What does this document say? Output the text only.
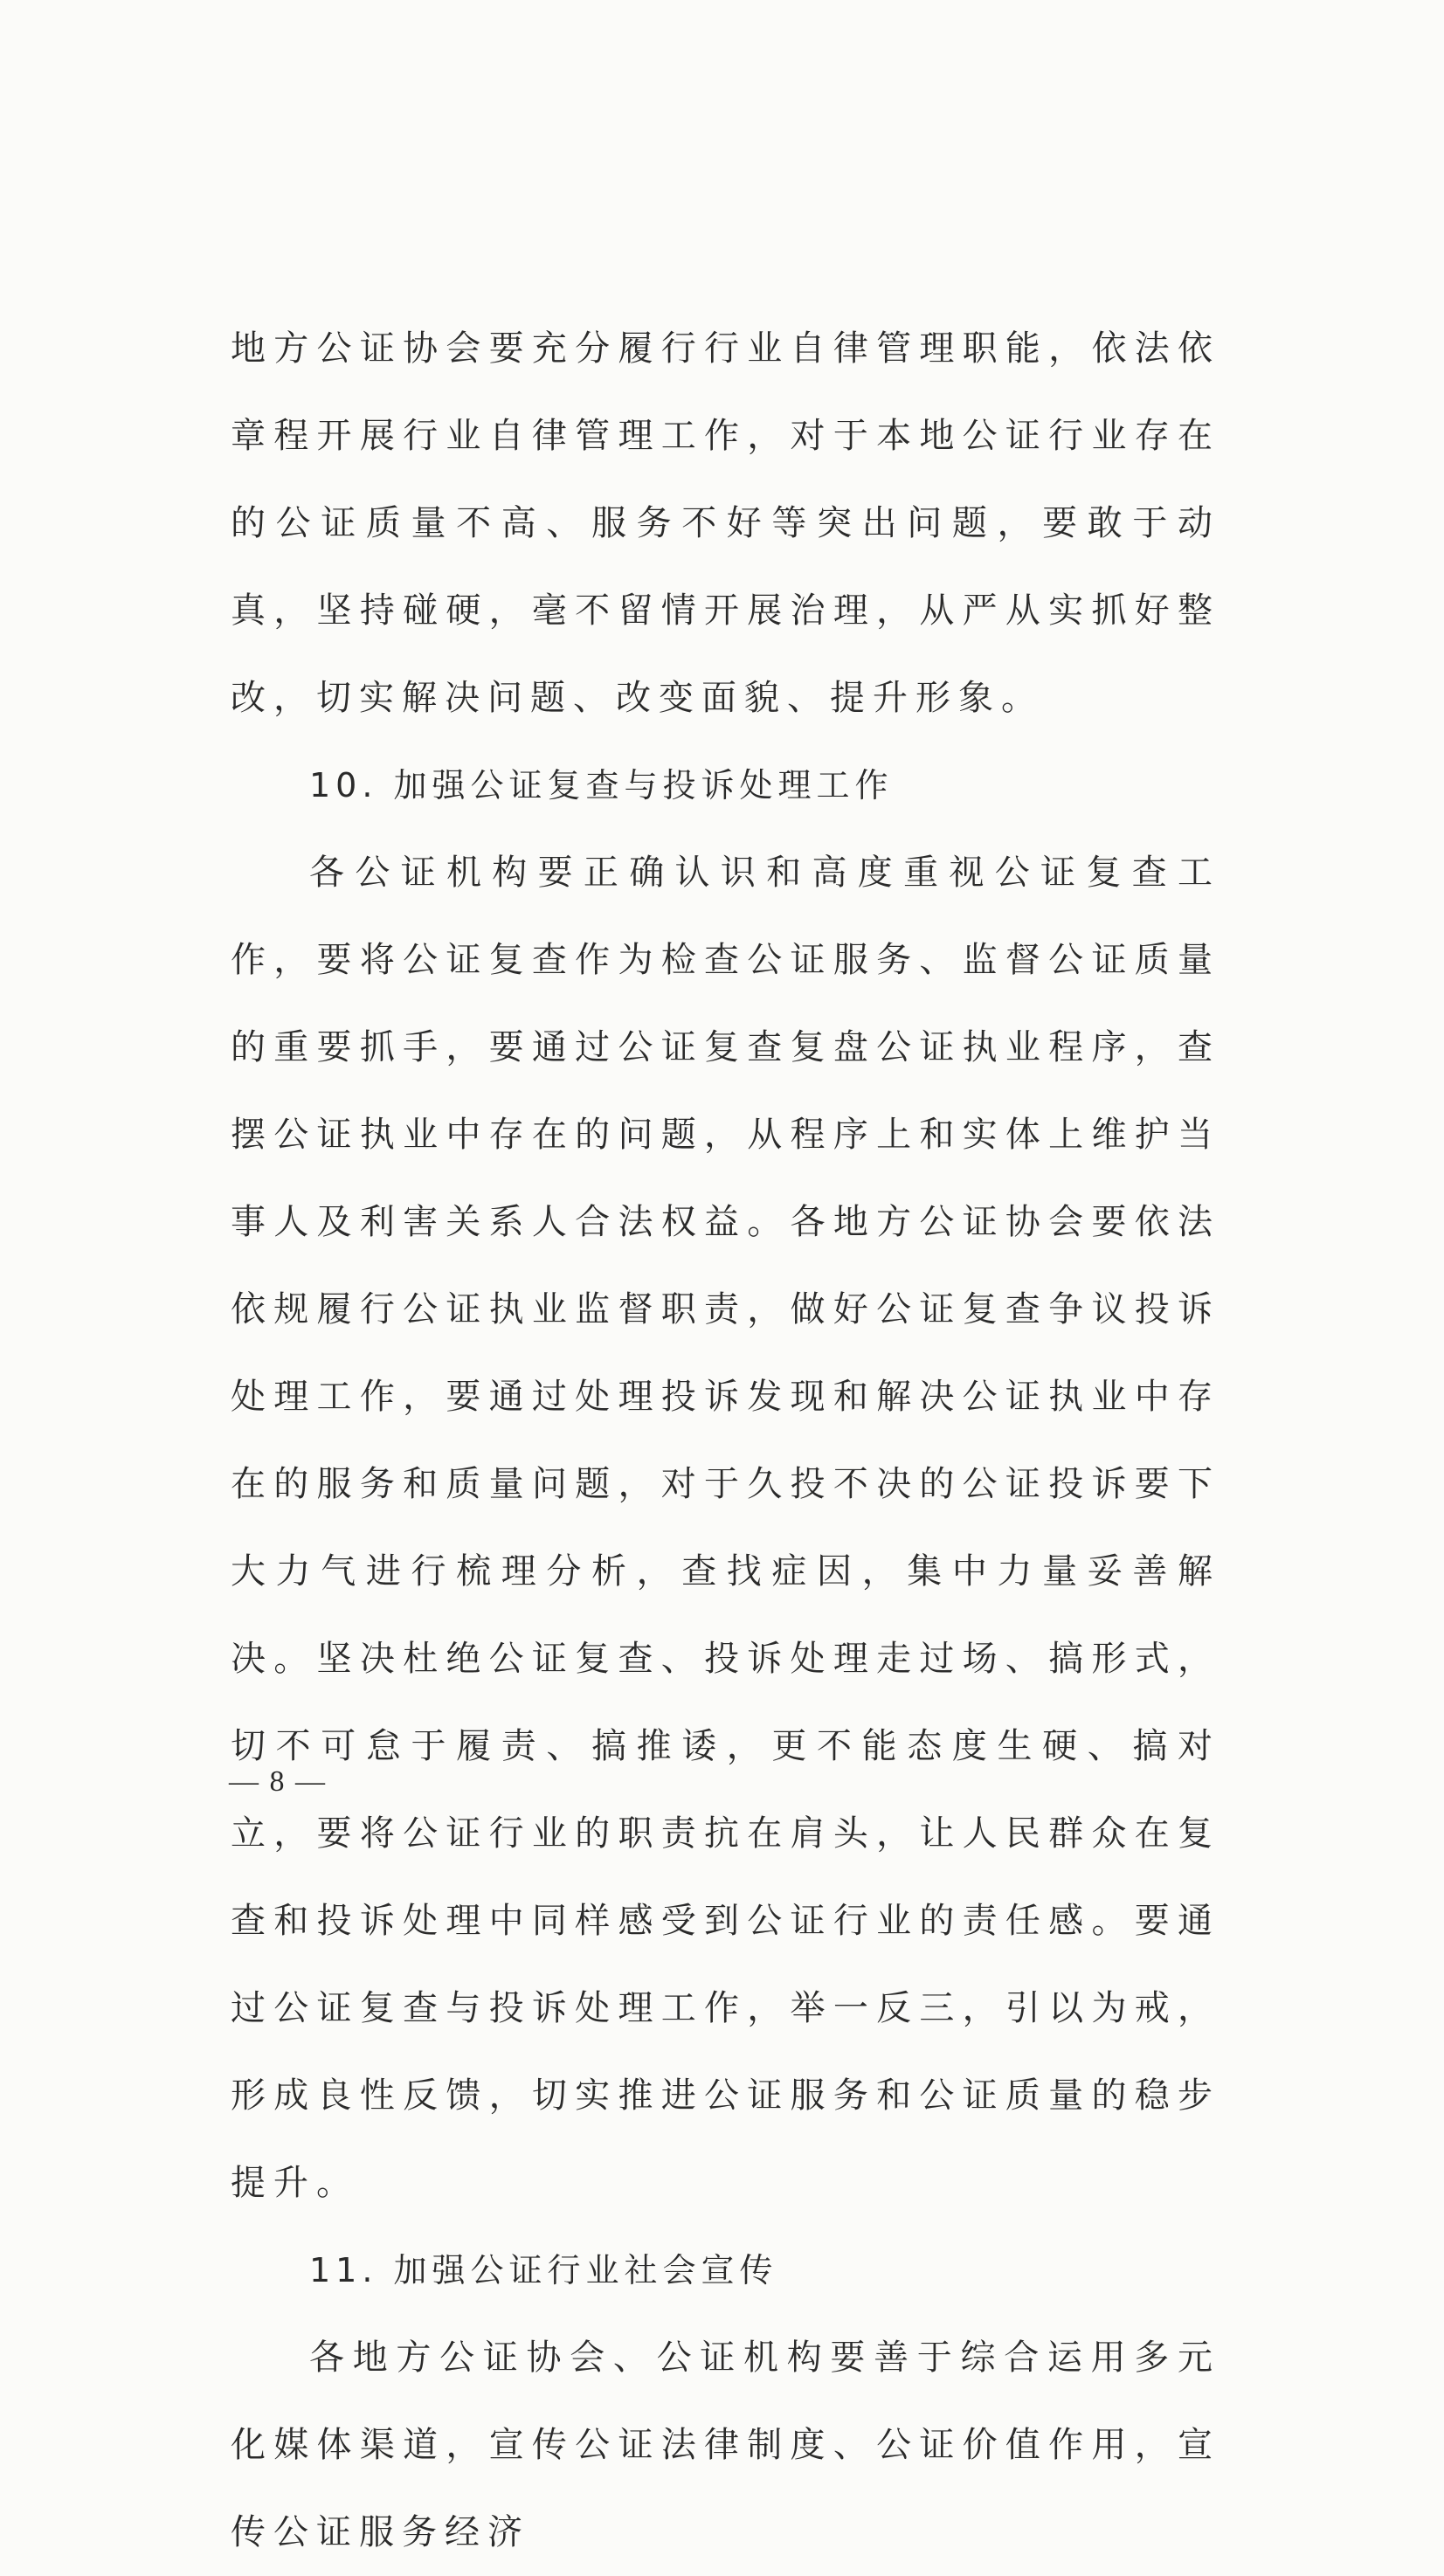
地方公证协会要充分履行行业自律管理职能，依法依章程开展行业自律管理工作，对于本地公证行业存在的公证质量不高、服务不好等突出问题，要敢于动真，坚持碰硬，毫不留情开展治理，从严从实抓好整改，切实解决问题、改变面貌、提升形象。

10. 加强公证复查与投诉处理工作

各公证机构要正确认识和高度重视公证复查工作，要将公证复查作为检查公证服务、监督公证质量的重要抓手，要通过公证复查复盘公证执业程序，查摆公证执业中存在的问题，从程序上和实体上维护当事人及利害关系人合法权益。各地方公证协会要依法依规履行公证执业监督职责，做好公证复查争议投诉处理工作，要通过处理投诉发现和解决公证执业中存在的服务和质量问题，对于久投不决的公证投诉要下大力气进行梳理分析，查找症因，集中力量妥善解决。坚决杜绝公证复查、投诉处理走过场、搞形式，切不可怠于履责、搞推诿，更不能态度生硬、搞对立，要将公证行业的职责抗在肩头，让人民群众在复查和投诉处理中同样感受到公证行业的责任感。要通过公证复查与投诉处理工作，举一反三，引以为戒，形成良性反馈，切实推进公证服务和公证质量的稳步提升。

11. 加强公证行业社会宣传

各地方公证协会、公证机构要善于综合运用多元化媒体渠道，宣传公证法律制度、公证价值作用，宣传公证服务经济

— 8 —
